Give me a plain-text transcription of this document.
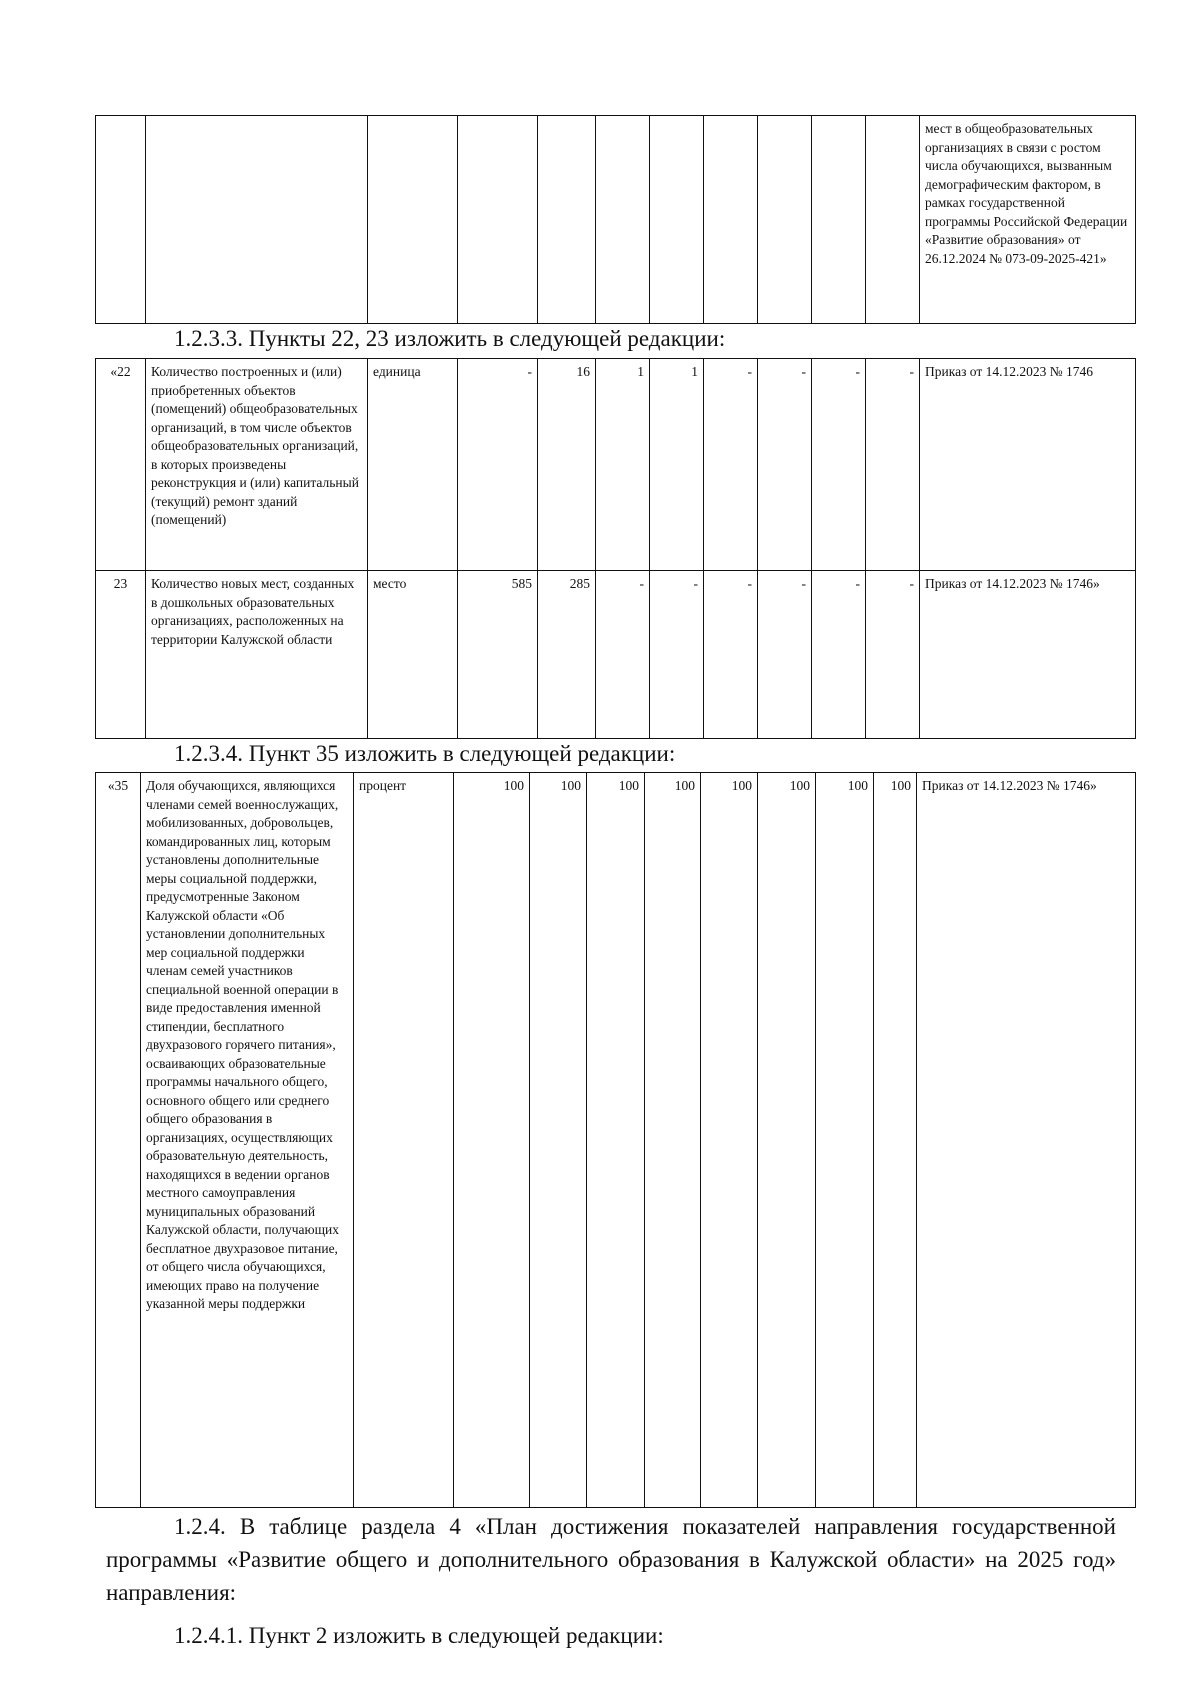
											мест в общеобразовательных организациях в связи с ростом числа обучающихся, вызванным демографическим фактором, в рамках государственной программы Российской Федерации «Развитие образования» от 26.12.2024 № 073-09-2025-421»
1.2.3.3. Пункты 22, 23 изложить в следующей редакции:
«22	Количество построенных и (или) приобретенных объектов (помещений) общеобразовательных организаций, в том числе объектов общеобразовательных организаций, в которых произведены реконструкция и (или) капитальный (текущий) ремонт зданий (помещений)	единица	-	16	1	1	-	-	-	-	Приказ от 14.12.2023 № 1746
23	Количество новых мест, созданных в дошкольных образовательных организациях, расположенных на территории Калужской области	место	585	285	-	-	-	-	-	-	Приказ от 14.12.2023 № 1746»
1.2.3.4. Пункт 35 изложить в следующей редакции:
«35	Доля обучающихся, являющихся членами семей военнослужащих, мобилизованных, добровольцев, командированных лиц, которым установлены дополнительные меры социальной поддержки, предусмотренные Законом Калужской области «Об установлении дополнительных мер социальной поддержки членам семей участников специальной военной операции в виде предоставления именной стипендии, бесплатного двухразового горячего питания», осваивающих образовательные программы начального общего, основного общего или среднего общего образования в организациях, осуществляющих образовательную деятельность, находящихся в ведении органов местного самоуправления муниципальных образований Калужской области, получающих бесплатное двухразовое питание, от общего числа обучающихся, имеющих право на получение указанной меры поддержки	процент	100	100	100	100	100	100	100	100	Приказ от 14.12.2023 № 1746»
1.2.4. В таблице раздела 4 «План достижения показателей направления государственной программы «Развитие общего и дополнительного образования в Калужской области» на 2025 год» направления:
1.2.4.1. Пункт 2 изложить в следующей редакции:
